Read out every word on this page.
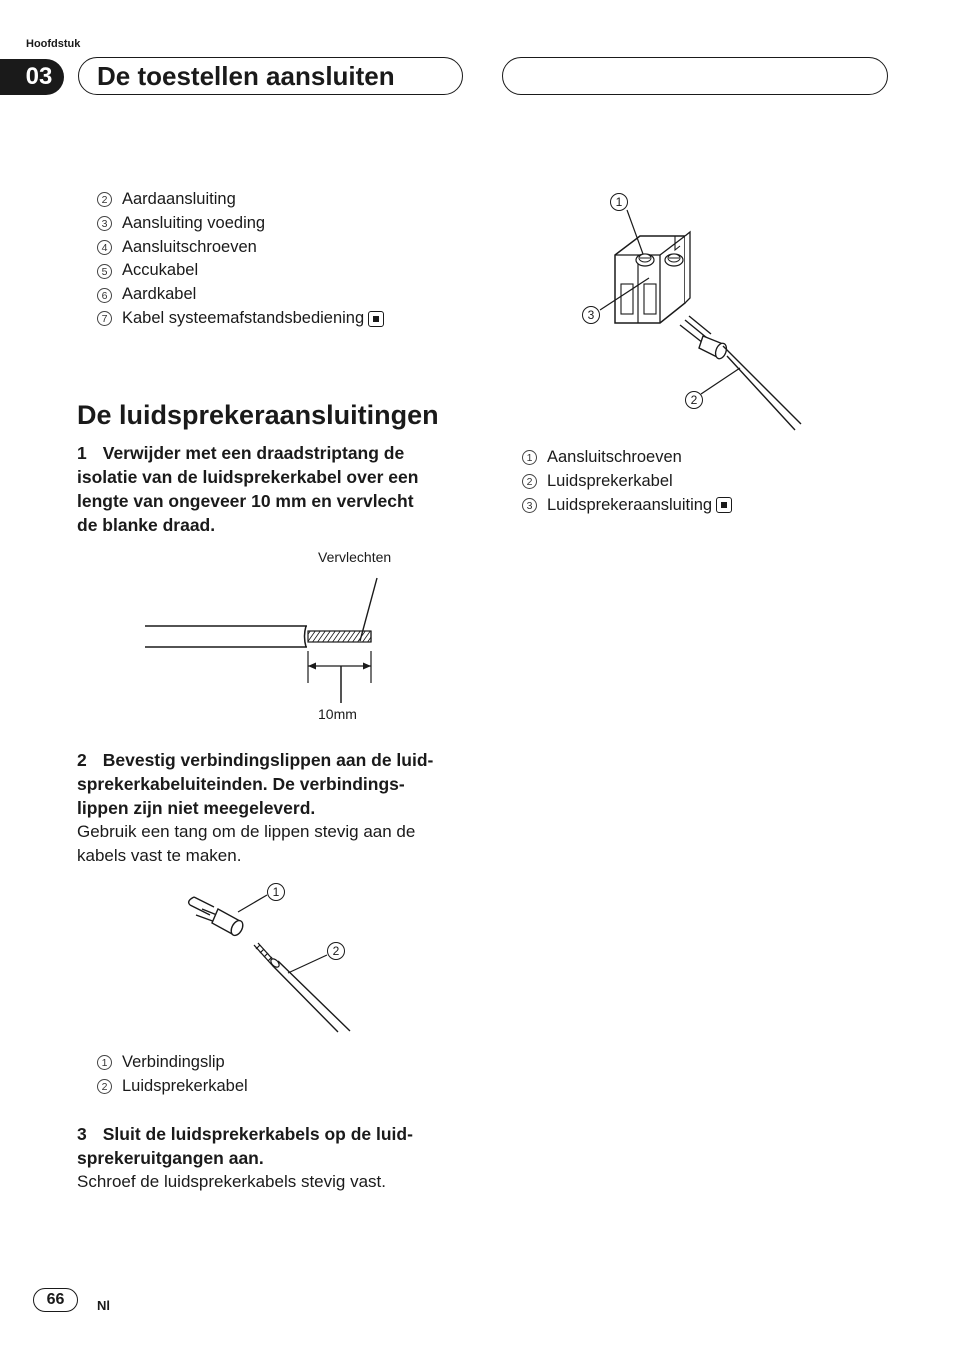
Hoofdstuk
03	De toestellen aansluiten
2 Aardaansluiting
3 Aansluiting voeding
4 Aansluitschroeven
5 Accukabel
6 Aardkabel
7 Kabel systeemafstandsbediening
De luidsprekeraansluitingen
1 Verwijder met een draadstriptang de
isolatie van de luidsprekerkabel over een
lengte van ongeveer 10 mm en vervlecht
de blanke draad.
Vervlechten
10mm
2 Bevestig verbindingslippen aan de luid-
sprekerkabeluiteinden. De verbindings-
lippen zijn niet meegeleverd.
Gebruik een tang om de lippen stevig aan de
kabels vast te maken.
1
2
1 Verbindingslip
2 Luidsprekerkabel
3 Sluit de luidsprekerkabels op de luid-
sprekeruitgangen aan.
Schroef de luidsprekerkabels stevig vast.
1
3
2
1 Aansluitschroeven
2 Luidsprekerkabel
3 Luidsprekeraansluiting
66	Nl
